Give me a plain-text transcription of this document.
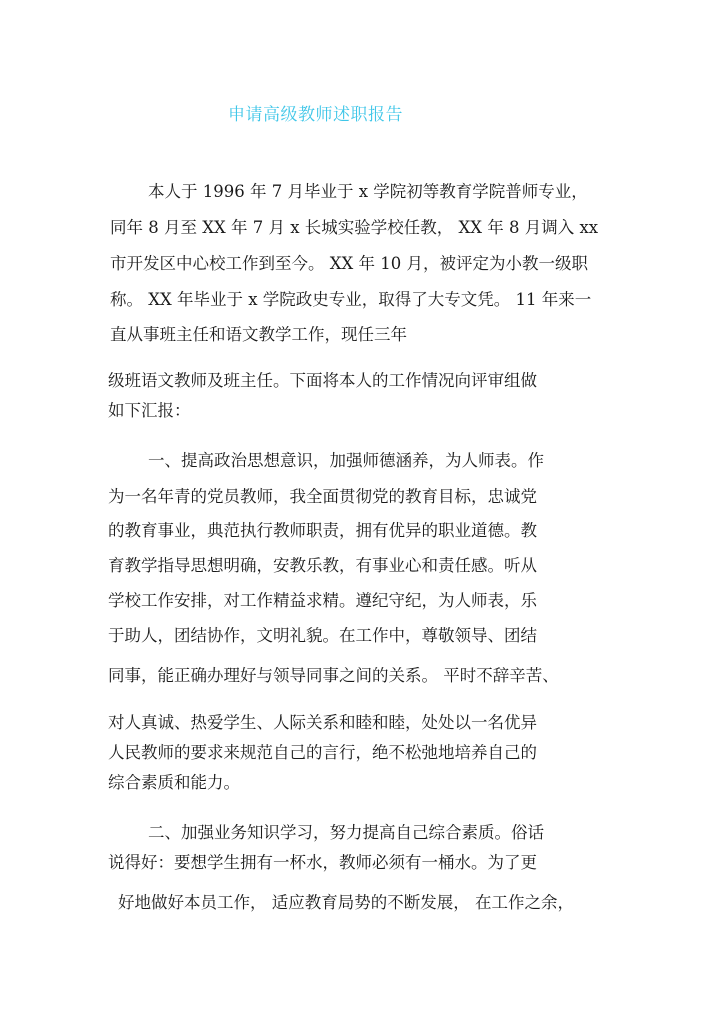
申请高级教师述职报告
本人于 1996 年 7 月毕业于 x 学院初等教育学院普师专业，
同年 8 月至 XX 年 7 月 x 长城实验学校任教， XX 年 8 月调入 xx
市开发区中心校工作到至今。 XX 年 10 月，被评定为小教一级职
称。 XX 年毕业于 x 学院政史专业，取得了大专文凭。 11 年来一
直从事班主任和语文教学工作，现任三年
级班语文教师及班主任。下面将本人的工作情况向评审组做
如下汇报：
一、提高政治思想意识，加强师德涵养，为人师表。作
为一名年青的党员教师，我全面贯彻党的教育目标，忠诚党
的教育事业，典范执行教师职责，拥有优异的职业道德。教
育教学指导思想明确，安教乐教，有事业心和责任感。听从
学校工作安排，对工作精益求精。遵纪守纪，为人师表，乐
于助人，团结协作，文明礼貌。在工作中，尊敬领导、团结
同事，能正确办理好与领导同事之间的关系。 平时不辞辛苦、
对人真诚、热爱学生、人际关系和睦和睦，处处以一名优异
人民教师的要求来规范自己的言行，绝不松弛地培养自己的
综合素质和能力。
二、加强业务知识学习，努力提高自己综合素质。俗话
说得好：要想学生拥有一杯水，教师必须有一桶水。为了更
好地做好本员工作， 适应教育局势的不断发展， 在工作之余，
